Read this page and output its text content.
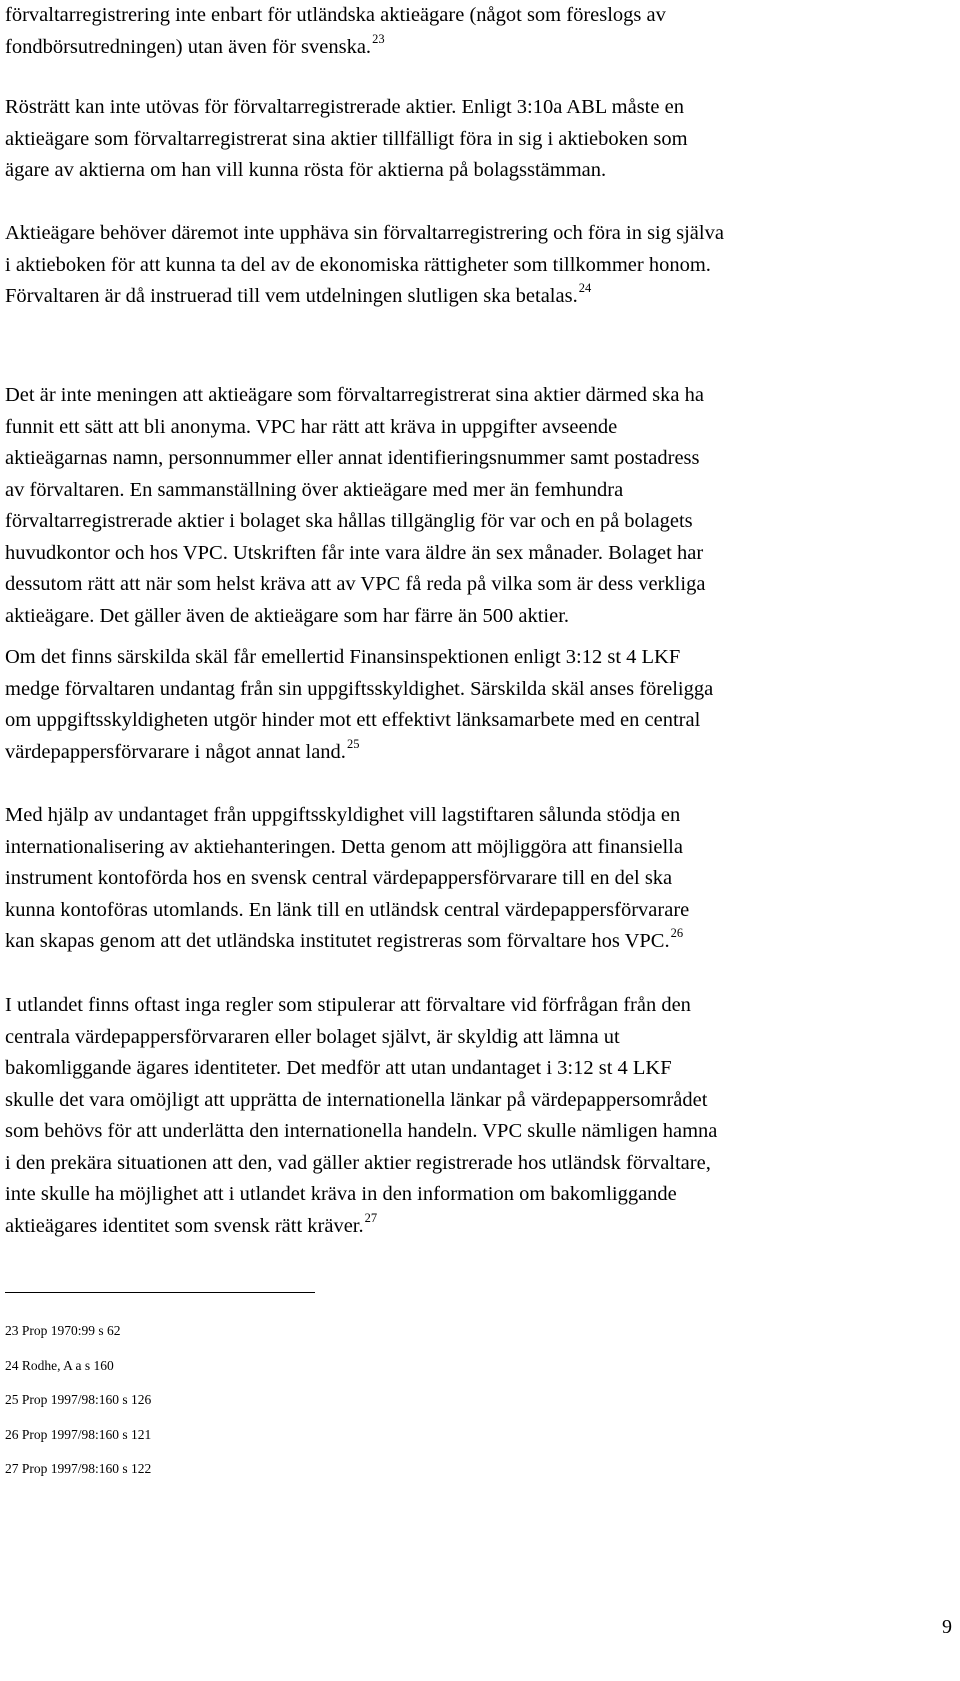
förvaltarregistrering inte enbart för utländska aktieägare (något som föreslogs av
fondbörsutredningen) utan även för svenska.$^{23}$
Rösträtt kan inte utövas för förvaltarregistrerade aktier. Enligt 3:10a ABL måste en
aktieägare som förvaltarregistrerat sina aktier tillfälligt föra in sig i aktieboken som
ägare av aktierna om han vill kunna rösta för aktierna på bolagsstämman.
Aktieägare behöver däremot inte upphäva sin förvaltarregistrering och föra in sig själva
i aktieboken för att kunna ta del av de ekonomiska rättigheter som tillkommer honom.
Förvaltaren är då instruerad till vem utdelningen slutligen ska betalas.$^{24}$
Det är inte meningen att aktieägare som förvaltarregistrerat sina aktier därmed ska ha
funnit ett sätt att bli anonyma. VPC har rätt att kräva in uppgifter avseende
aktieägarnas namn, personnummer eller annat identifieringsnummer samt postadress
av förvaltaren. En sammanställning över aktieägare med mer än femhundra
förvaltarregistrerade aktier i bolaget ska hållas tillgänglig för var och en på bolagets
huvudkontor och hos VPC. Utskriften får inte vara äldre än sex månader. Bolaget har
dessutom rätt att när som helst kräva att av VPC få reda på vilka som är dess verkliga
aktieägare. Det gäller även de aktieägare som har färre än 500 aktier.
Om det finns särskilda skäl får emellertid Finansinspektionen enligt 3:12 st 4 LKF
medge förvaltaren undantag från sin uppgiftsskyldighet. Särskilda skäl anses föreligga
om uppgiftsskyldigheten utgör hinder mot ett effektivt länksamarbete med en central
värdepappersförvarare i något annat land.$^{25}$
Med hjälp av undantaget från uppgiftsskyldighet vill lagstiftaren sålunda stödja en
internationalisering av aktiehanteringen. Detta genom att möjliggöra att finansiella
instrument kontoförda hos en svensk central värdepappersförvarare till en del ska
kunna kontoföras utomlands. En länk till en utländsk central värdepappersförvarare
kan skapas genom att det utländska institutet registreras som förvaltare hos VPC.$^{26}$
I utlandet finns oftast inga regler som stipulerar att förvaltare vid förfrågan från den
centrala värdepappersförvararen eller bolaget självt, är skyldig att lämna ut
bakomliggande ägares identiteter. Det medför att utan undantaget i 3:12 st 4 LKF
skulle det vara omöjligt att upprätta de internationella länkar på värdepappersområdet
som behövs för att underlätta den internationella handeln. VPC skulle nämligen hamna
i den prekära situationen att den, vad gäller aktier registrerade hos utländsk förvaltare,
inte skulle ha möjlighet att i utlandet kräva in den information om bakomliggande
aktieägares identitet som svensk rätt kräver.$^{27}$
23 Prop 1970:99 s 62
24 Rodhe, A a s 160
25 Prop 1997/98:160 s 126
26 Prop 1997/98:160 s 121
27 Prop 1997/98:160 s 122
9
